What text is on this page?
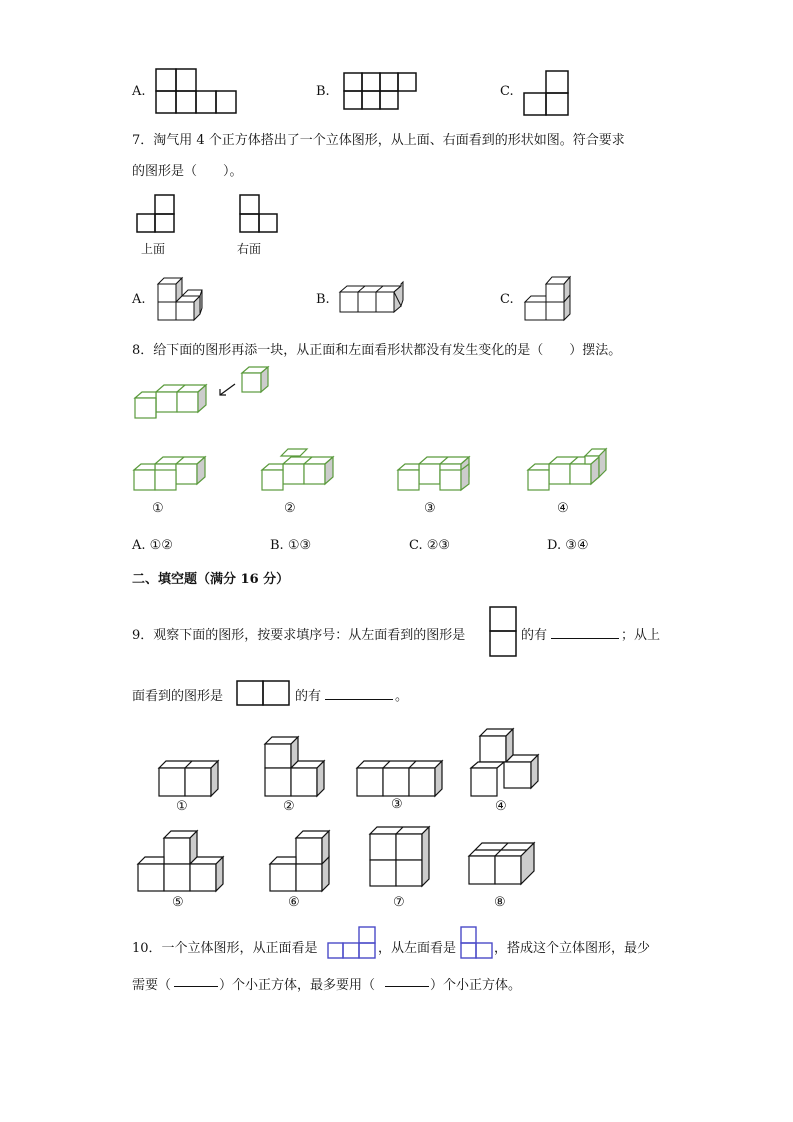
A.	B.	C.
7．淘气用 4 个正方体搭出了一个立体图形，从上面、右面看到的形状如图。符合要求
的图形是（　　）。
上面	右面
A.	B.	C.
8．给下面的图形再添一块，从正面和左面看形状都没有发生变化的是（　　）摆法。
①	②	③	④
A. ①②	B. ①③	C. ②③	D. ③④
二、填空题（满分 16 分）
9．观察下面的图形，按要求填序号：从左面看到的图形是	的有	；从上
面看到的图形是	的有	。
①	②	③	④
⑤	⑥	⑦	⑧
10．一个立体图形，从正面看是	，从左面看是	，搭成这个立体图形，最少
需要（	）个小正方体，最多要用（	）个小正方体。
